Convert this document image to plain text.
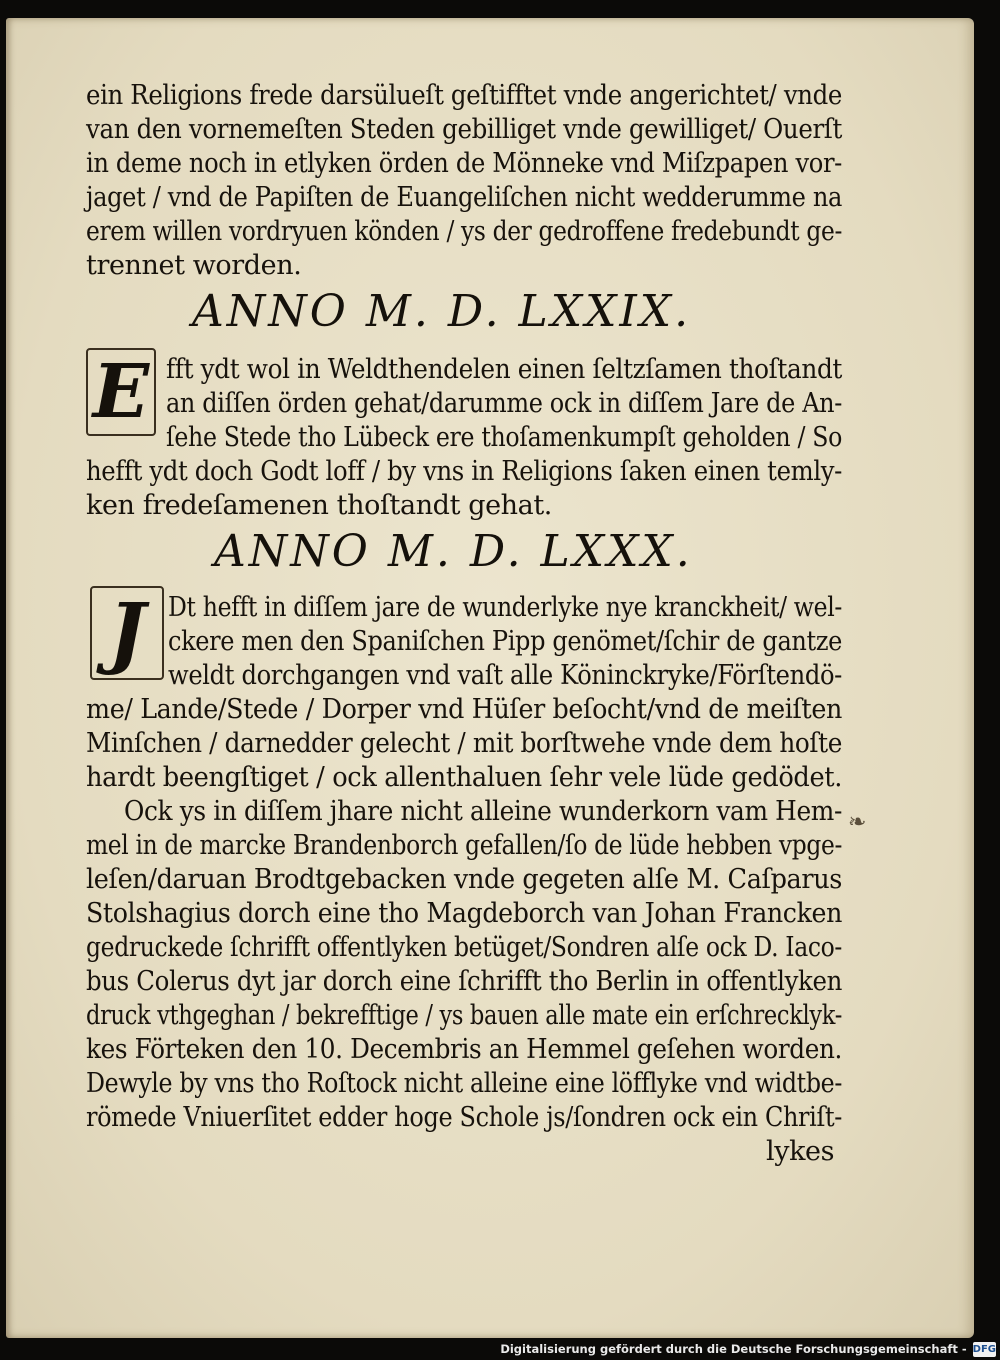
ein Religions frede darsülueſt geſtifftet vnde angerichtet/ vnde
van den vornemeſten Steden gebilliget vnde gewilliget/ Ouerſt
in deme noch in etlyken örden de Mönneke vnd Miſzpapen vor-
jaget / vnd de Papiſten de Euangeliſchen nicht wedderumme na
erem willen vordryuen könden / ys der gedroffene fredebundt ge-
trennet worden.
ANNO M. D. LXXIX.
E fft ydt wol in Weldthendelen einen ſeltzſamen thoſtandt
an diſſen örden gehat/darumme ock in diſſem Jare de An-
ſehe Stede tho Lübeck ere thoſamenkumpſt geholden / So
hefft ydt doch Godt loff / by vns in Religions ſaken einen temly-
ken fredeſamenen thoſtandt gehat.
ANNO M. D. LXXX.
J Dt hefft in diſſem jare de wunderlyke nye kranckheit/ wel-
ckere men den Spaniſchen Pipp genömet/ſchir de gantze
weldt dorchgangen vnd vaſt alle Köninckryke/Förſtendö-
me/ Lande/Stede / Dorper vnd Hüſer beſocht/vnd de meiſten
Minſchen / darnedder gelecht / mit borſtwehe vnde dem hoſte
hardt beengſtiget / ock allenthaluen ſehr vele lüde gedödet.
Ock ys in diſſem jhare nicht alleine wunderkorn vam Hem-
mel in de marcke Brandenborch gefallen/ſo de lüde hebben vpge-
leſen/daruan Brodtgebacken vnde gegeten alſe M. Caſparus
Stolshagius dorch eine tho Magdeborch van Johan Francken
gedruckede ſchrifft offentlyken betüget/Sondren alſe ock D. Iaco-
bus Colerus dyt jar dorch eine ſchrifft tho Berlin in offentlyken
druck vthgeghan / bekrefftige / ys bauen alle mate ein erſchrecklyk-
kes Förteken den 10. Decembris an Hemmel geſehen worden.
Dewyle by vns tho Roſtock nicht alleine eine löfflyke vnd widtbe-
römede Vniuerſitet edder hoge Schole js/ſondren ock ein Chriſt-
lykes
❧
Digitalisierung gefördert durch die Deutsche Forschungsgemeinschaft - DFG
